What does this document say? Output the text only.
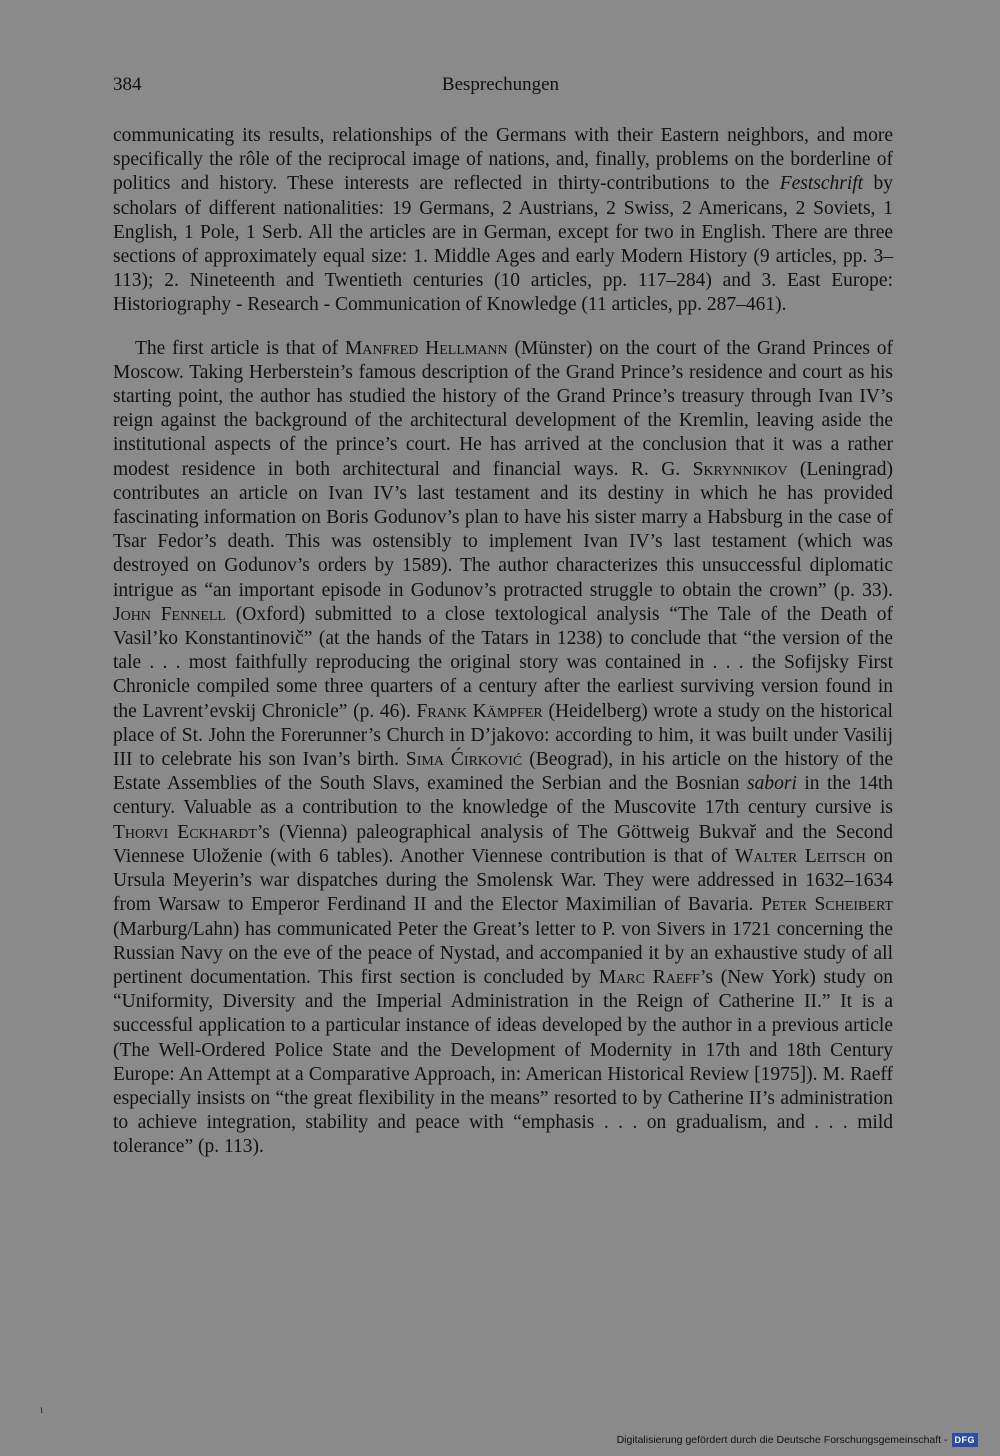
384	Besprechungen

communicating its results, relationships of the Germans with their Eastern neighbors, and more specifically the rôle of the reciprocal image of nations, and, finally, problems on the borderline of politics and history. These interests are reflected in thirty-contributions to the Festschrift by scholars of different nationalities: 19 Germans, 2 Austrians, 2 Swiss, 2 Americans, 2 Soviets, 1 English, 1 Pole, 1 Serb. All the articles are in German, except for two in English. There are three sections of approximately equal size: 1. Middle Ages and early Modern History (9 articles, pp. 3–113); 2. Nineteenth and Twentieth centuries (10 articles, pp. 117–284) and 3. East Europe: Historiography - Research - Communication of Knowledge (11 articles, pp. 287–461).

The first article is that of Manfred Hellmann (Münster) on the court of the Grand Princes of Moscow. Taking Herberstein’s famous description of the Grand Prince’s residence and court as his starting point, the author has studied the history of the Grand Prince’s treasury through Ivan IV’s reign against the background of the architectural development of the Kremlin, leaving aside the institutional aspects of the prince’s court. He has arrived at the conclusion that it was a rather modest residence in both architectural and financial ways. R. G. Skrynnikov (Leningrad) contributes an article on Ivan IV’s last testament and its destiny in which he has provided fascinating information on Boris Godunov’s plan to have his sister marry a Habsburg in the case of Tsar Fedor’s death. This was ostensibly to implement Ivan IV’s last testament (which was destroyed on Godunov’s orders by 1589). The author characterizes this unsuccessful diplomatic intrigue as “an important episode in Godunov’s protracted struggle to obtain the crown” (p. 33). John Fennell (Oxford) submitted to a close textological analysis “The Tale of the Death of Vasil’ko Konstantinovič” (at the hands of the Tatars in 1238) to conclude that “the version of the tale . . . most faithfully reproducing the original story was contained in . . . the Sofijsky First Chronicle compiled some three quarters of a century after the earliest surviving version found in the Lavrent’evskij Chronicle” (p. 46). Frank Kämpfer (Heidelberg) wrote a study on the historical place of St. John the Forerunner’s Church in D’jakovo: according to him, it was built under Vasilij III to celebrate his son Ivan’s birth. Sima Ćirković (Beograd), in his article on the history of the Estate Assemblies of the South Slavs, examined the Serbian and the Bosnian sabori in the 14th century. Valuable as a contribution to the knowledge of the Muscovite 17th century cursive is Thorvi Eckhardt’s (Vienna) paleographical analysis of The Göttweig Bukvař and the Second Viennese Uloženie (with 6 tables). Another Viennese contribution is that of Walter Leitsch on Ursula Meyerin’s war dispatches during the Smolensk War. They were addressed in 1632–1634 from Warsaw to Emperor Ferdinand II and the Elector Maximilian of Bavaria. Peter Scheibert (Marburg/Lahn) has communicated Peter the Great’s letter to P. von Sivers in 1721 concerning the Russian Navy on the eve of the peace of Nystad, and accompanied it by an exhaustive study of all pertinent documentation. This first section is concluded by Marc Raeff’s (New York) study on “Uniformity, Diversity and the Imperial Administration in the Reign of Catherine II.” It is a successful application to a particular instance of ideas developed by the author in a previous article (The Well-Ordered Police State and the Development of Modernity in 17th and 18th Century Europe: An Attempt at a Comparative Approach, in: American Historical Review [1975]). M. Raeff especially insists on “the great flexibility in the means” resorted to by Catherine II’s administration to achieve integration, stability and peace with “emphasis . . . on gradualism, and . . . mild tolerance” (p. 113).

ι
Digitalisierung gefördert durch die Deutsche Forschungsgemeinschaft - DFG
